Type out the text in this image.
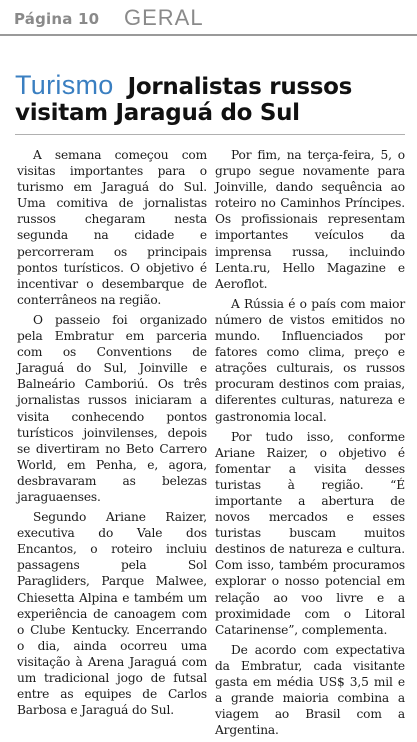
Página 10 GERAL
Turismo Jornalistas russos
visitam Jaraguá do Sul

A semana começou com visitas importantes para o turismo em Jaraguá do Sul. Uma comitiva de jornalistas russos chegaram nesta segunda na cidade e percorreram os principais pontos turísticos. O objetivo é incentivar o desembarque de conterrâneos na região.

O passeio foi organizado pela Embratur em parceria com os Conventions de Jaraguá do Sul, Joinville e Balneário Camboriú. Os três jornalistas russos iniciaram a visita conhecendo pontos turísticos joinvilenses, depois se divertiram no Beto Carrero World, em Penha, e, agora, desbravaram as belezas jaraguaenses.

Segundo Ariane Raizer, executiva do Vale dos Encantos, o roteiro incluiu passagens pela Sol Paragliders, Parque Malwee, Chiesetta Alpina e também um experiência de canoagem com o Clube Kentucky. Encerrando o dia, ainda ocorreu uma visitação à Arena Jaraguá com um tradicional jogo de futsal entre as equipes de Carlos Barbosa e Jaraguá do Sul.

Por fim, na terça-feira, 5, o grupo segue novamente para Joinville, dando sequência ao roteiro no Caminhos Príncipes. Os profissionais representam importantes veículos da imprensa russa, incluindo Lenta.ru, Hello Magazine e Aeroflot.

A Rússia é o país com maior número de vistos emitidos no mundo. Influenciados por fatores como clima, preço e atrações culturais, os russos procuram destinos com praias, diferentes culturas, natureza e gastronomia local.

Por tudo isso, conforme Ariane Raizer, o objetivo é fomentar a visita desses turistas à região. “É importante a abertura de novos mercados e esses turistas buscam muitos destinos de natureza e cultura. Com isso, também procuramos explorar o nosso potencial em relação ao voo livre e a proximidade com o Litoral Catarinense”, complementa.

De acordo com expectativa da Embratur, cada visitante gasta em média US$ 3,5 mil e a grande maioria combina a viagem ao Brasil com a Argentina.
